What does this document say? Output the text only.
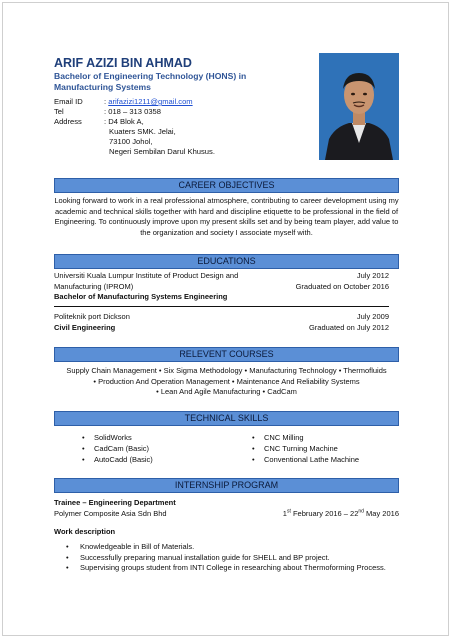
ARIF AZIZI BIN AHMAD
Bachelor of Engineering Technology (HONS) in Manufacturing Systems
Email ID	: arifazizi1211@gmail.com
Tel	: 018 – 313 0358
Address	: D4 Blok A,
Kuaters SMK. Jelai,
73100 Johol,
Negeri Sembilan Darul Khusus.
CAREER OBJECTIVES
Looking forward to work in a real professional atmosphere, contributing to career development using my academic and technical skills together with hard and discipline etiquette to be professional in the field of Engineering. To continuously improve upon my present skills set and by being team player, add value to the organization and society I associate myself with.
EDUCATIONS
Universiti Kuala Lumpur Institute of Product Design and	July 2012
Manufacturing (IPROM)	Graduated on October 2016
Bachelor of Manufacturing Systems Engineering
Politeknik port Dickson	July 2009
Civil Engineering	Graduated on July 2012
RELEVENT COURSES
Supply Chain Management • Six Sigma Methodology • Manufacturing Technology • Thermofluids
• Production And Operation Management • Maintenance And Reliability Systems
• Lean And Agile Manufacturing • CadCam
TECHNICAL SKILLS
• SolidWorks
• CadCam (Basic)
• AutoCadd (Basic)
• CNC Milling
• CNC Turning Machine
• Conventional Lathe Machine
INTERNSHIP PROGRAM
Trainee – Engineering Department
Polymer Composite Asia Sdn Bhd	1st February 2016 – 22nd May 2016
Work description
• Knowledgeable in Bill of Materials.
• Successfully preparing manual installation guide for SHELL and BP project.
• Supervising groups student from INTI College in researching about Thermoforming Process.
